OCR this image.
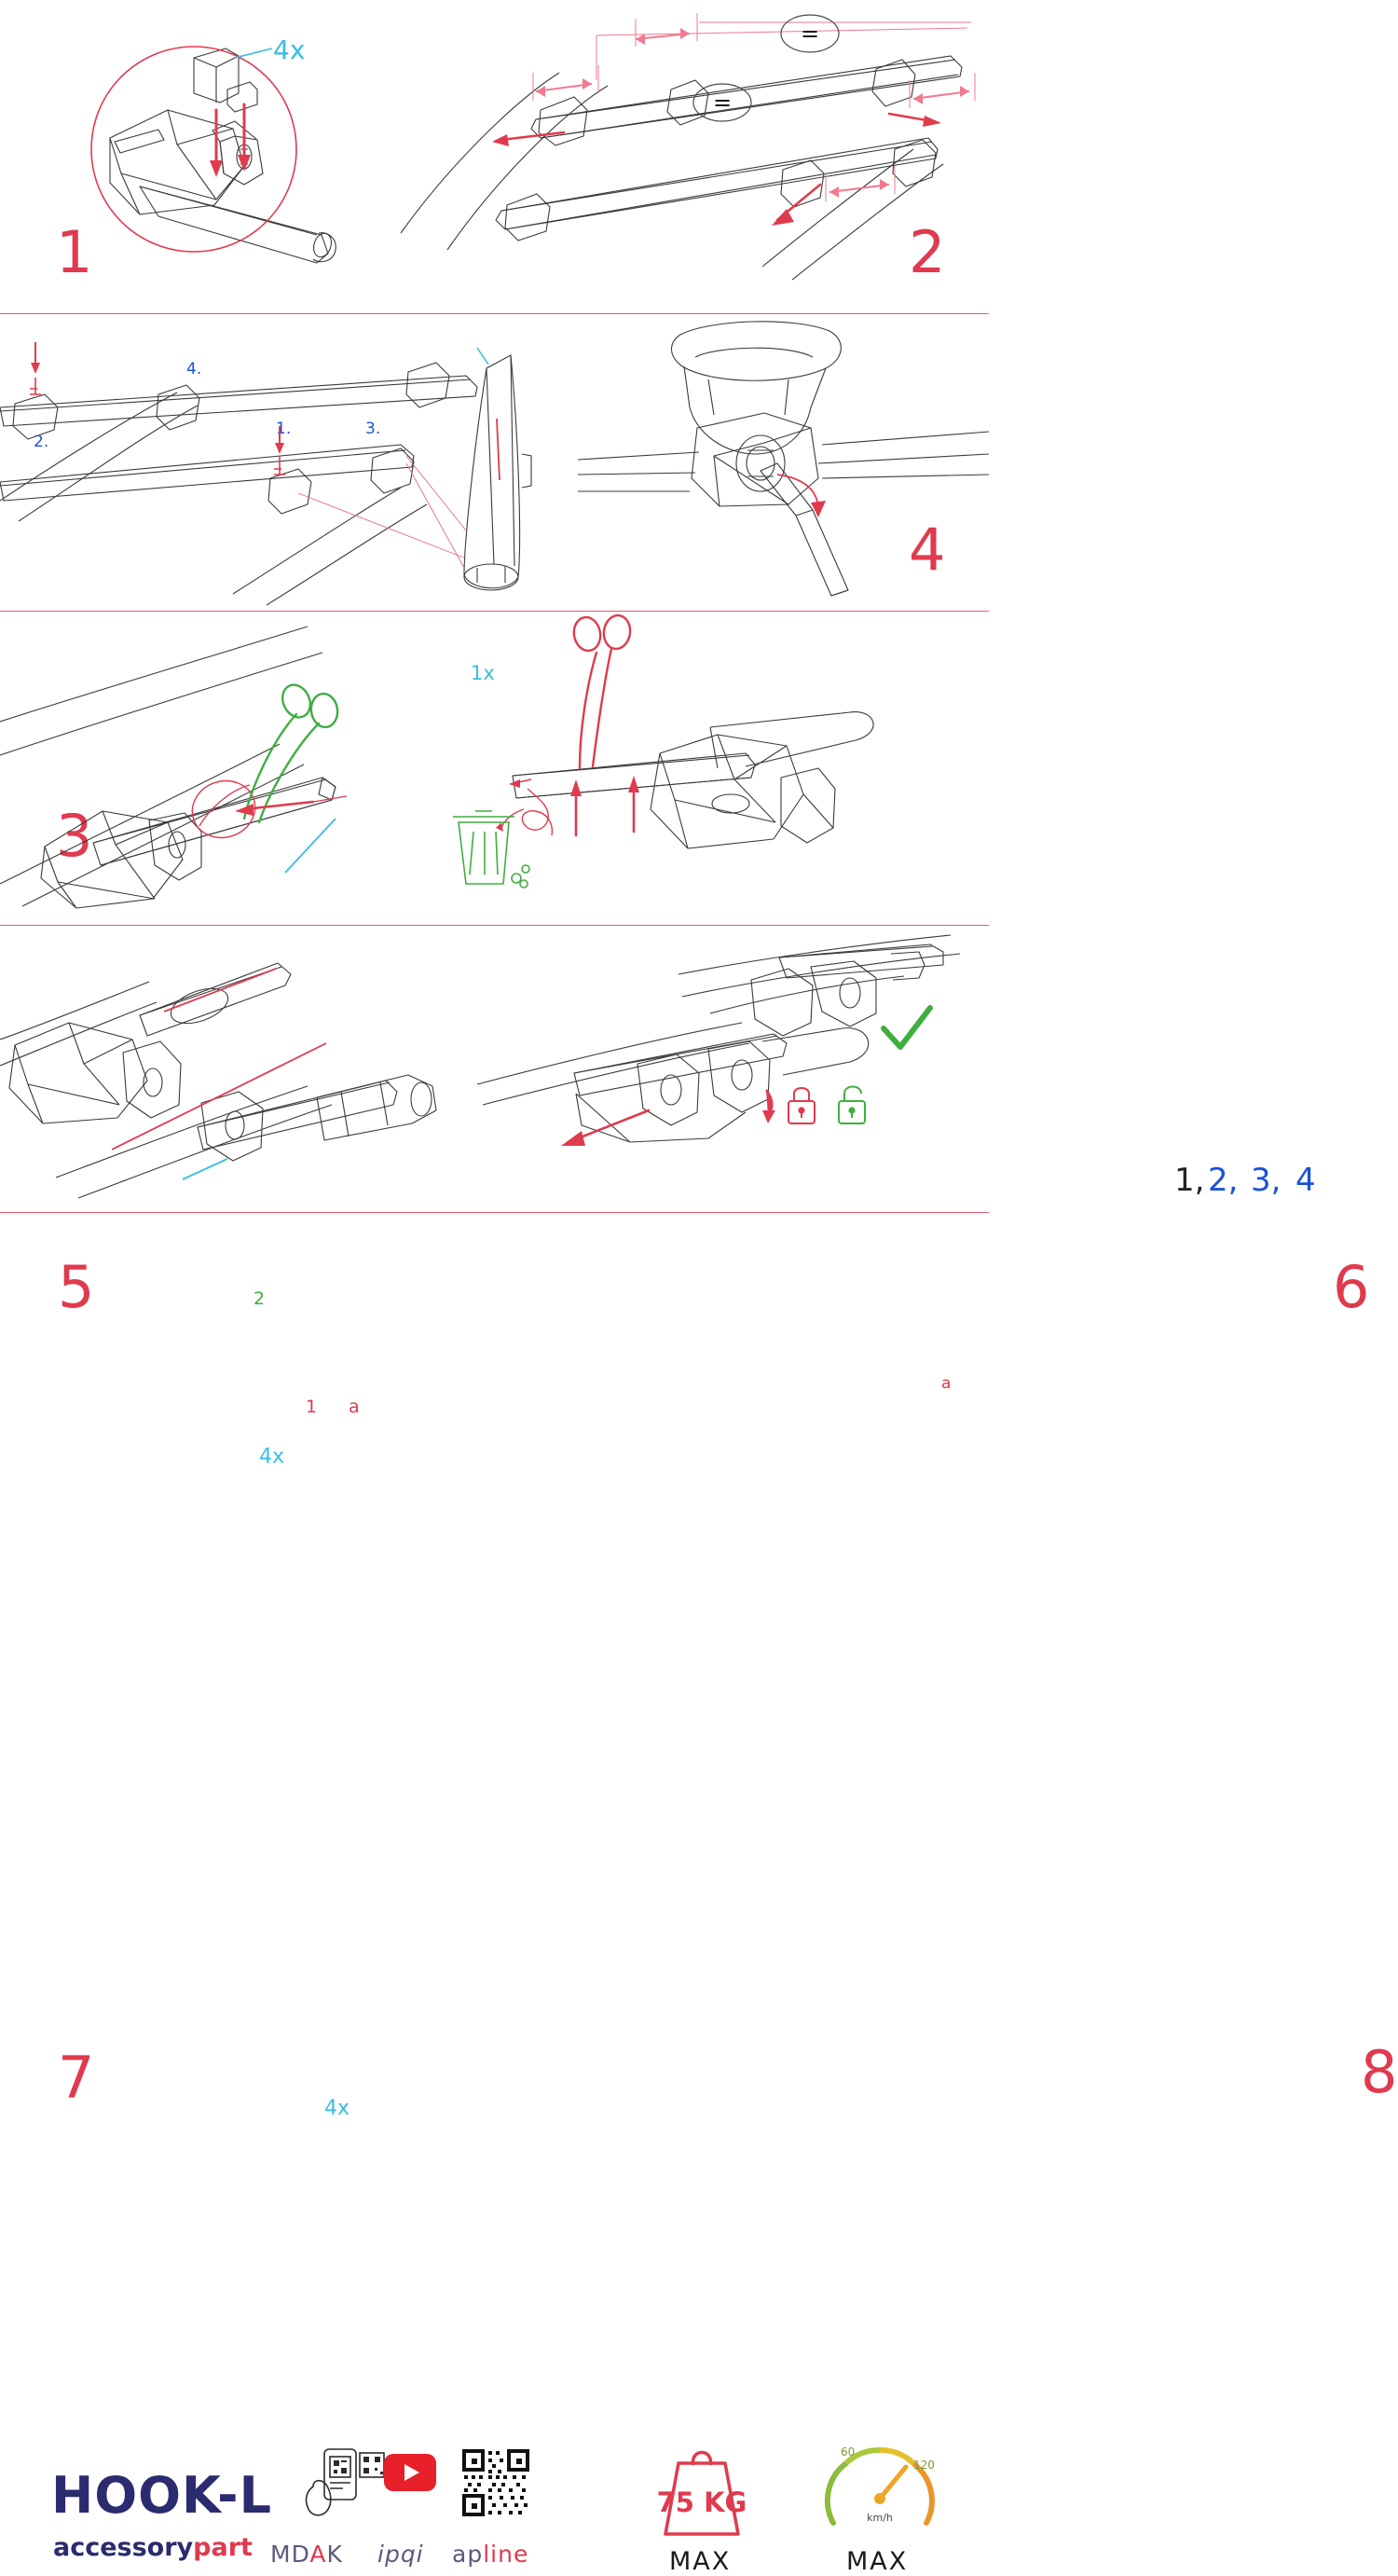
4x
1
=
=
2
4.
2.
1.	3.
1x
3
1, 2, 3, 4
4
2
1 a
4x
5
a
6
4x
7	8
HOOK-L
accessorypart MDAK ipqi apline
75 KG
MAX
60
120
km/h
MAX
